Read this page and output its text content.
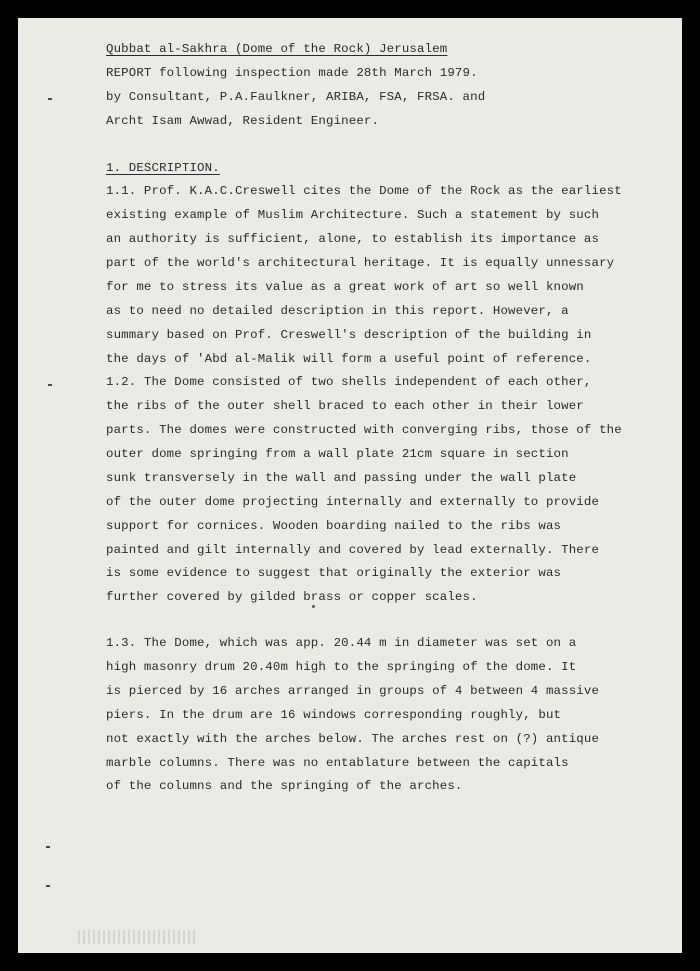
Qubbat al-Sakhra (Dome of the Rock) Jerusalem
REPORT following inspection made 28th March 1979.
by Consultant, P.A.Faulkner, ARIBA, FSA, FRSA. and
Archt Isam Awwad, Resident Engineer.
1. DESCRIPTION.
1.1. Prof. K.A.C.Creswell cites the Dome of the Rock as the earliest
existing example of Muslim Architecture. Such a statement by such
an authority is sufficient, alone, to establish its importance as
part of the world's architectural heritage. It is equally unnessary
for me to stress its value as a great work of art so well known
as to need no detailed description in this report. However, a
summary based on Prof. Creswell's description of the building in
the days of 'Abd al-Malik will form a useful point of reference.
1.2. The Dome consisted of two shells independent of each other,
the ribs of the outer shell braced to each other in their lower
parts. The domes were constructed with converging ribs, those of the
outer dome springing from a wall plate 21cm square in section
sunk transversely in the wall and passing under the wall plate
of the outer dome projecting internally and externally to provide
support for cornices. Wooden boarding nailed to the ribs was
painted and gilt internally and covered by lead externally. There
is some evidence to suggest that originally the exterior was
further covered by gilded brass or copper scales.
1.3. The Dome, which was app. 20.44 m in diameter was set on a
high masonry drum 20.40m high to the springing of the dome. It
is pierced by 16 arches arranged in groups of 4 between 4 massive
piers. In the drum are 16 windows corresponding roughly, but
not exactly with the arches below. The arches rest on (?) antique
marble columns. There was no entablature between the capitals
of the columns and the springing of the arches.
